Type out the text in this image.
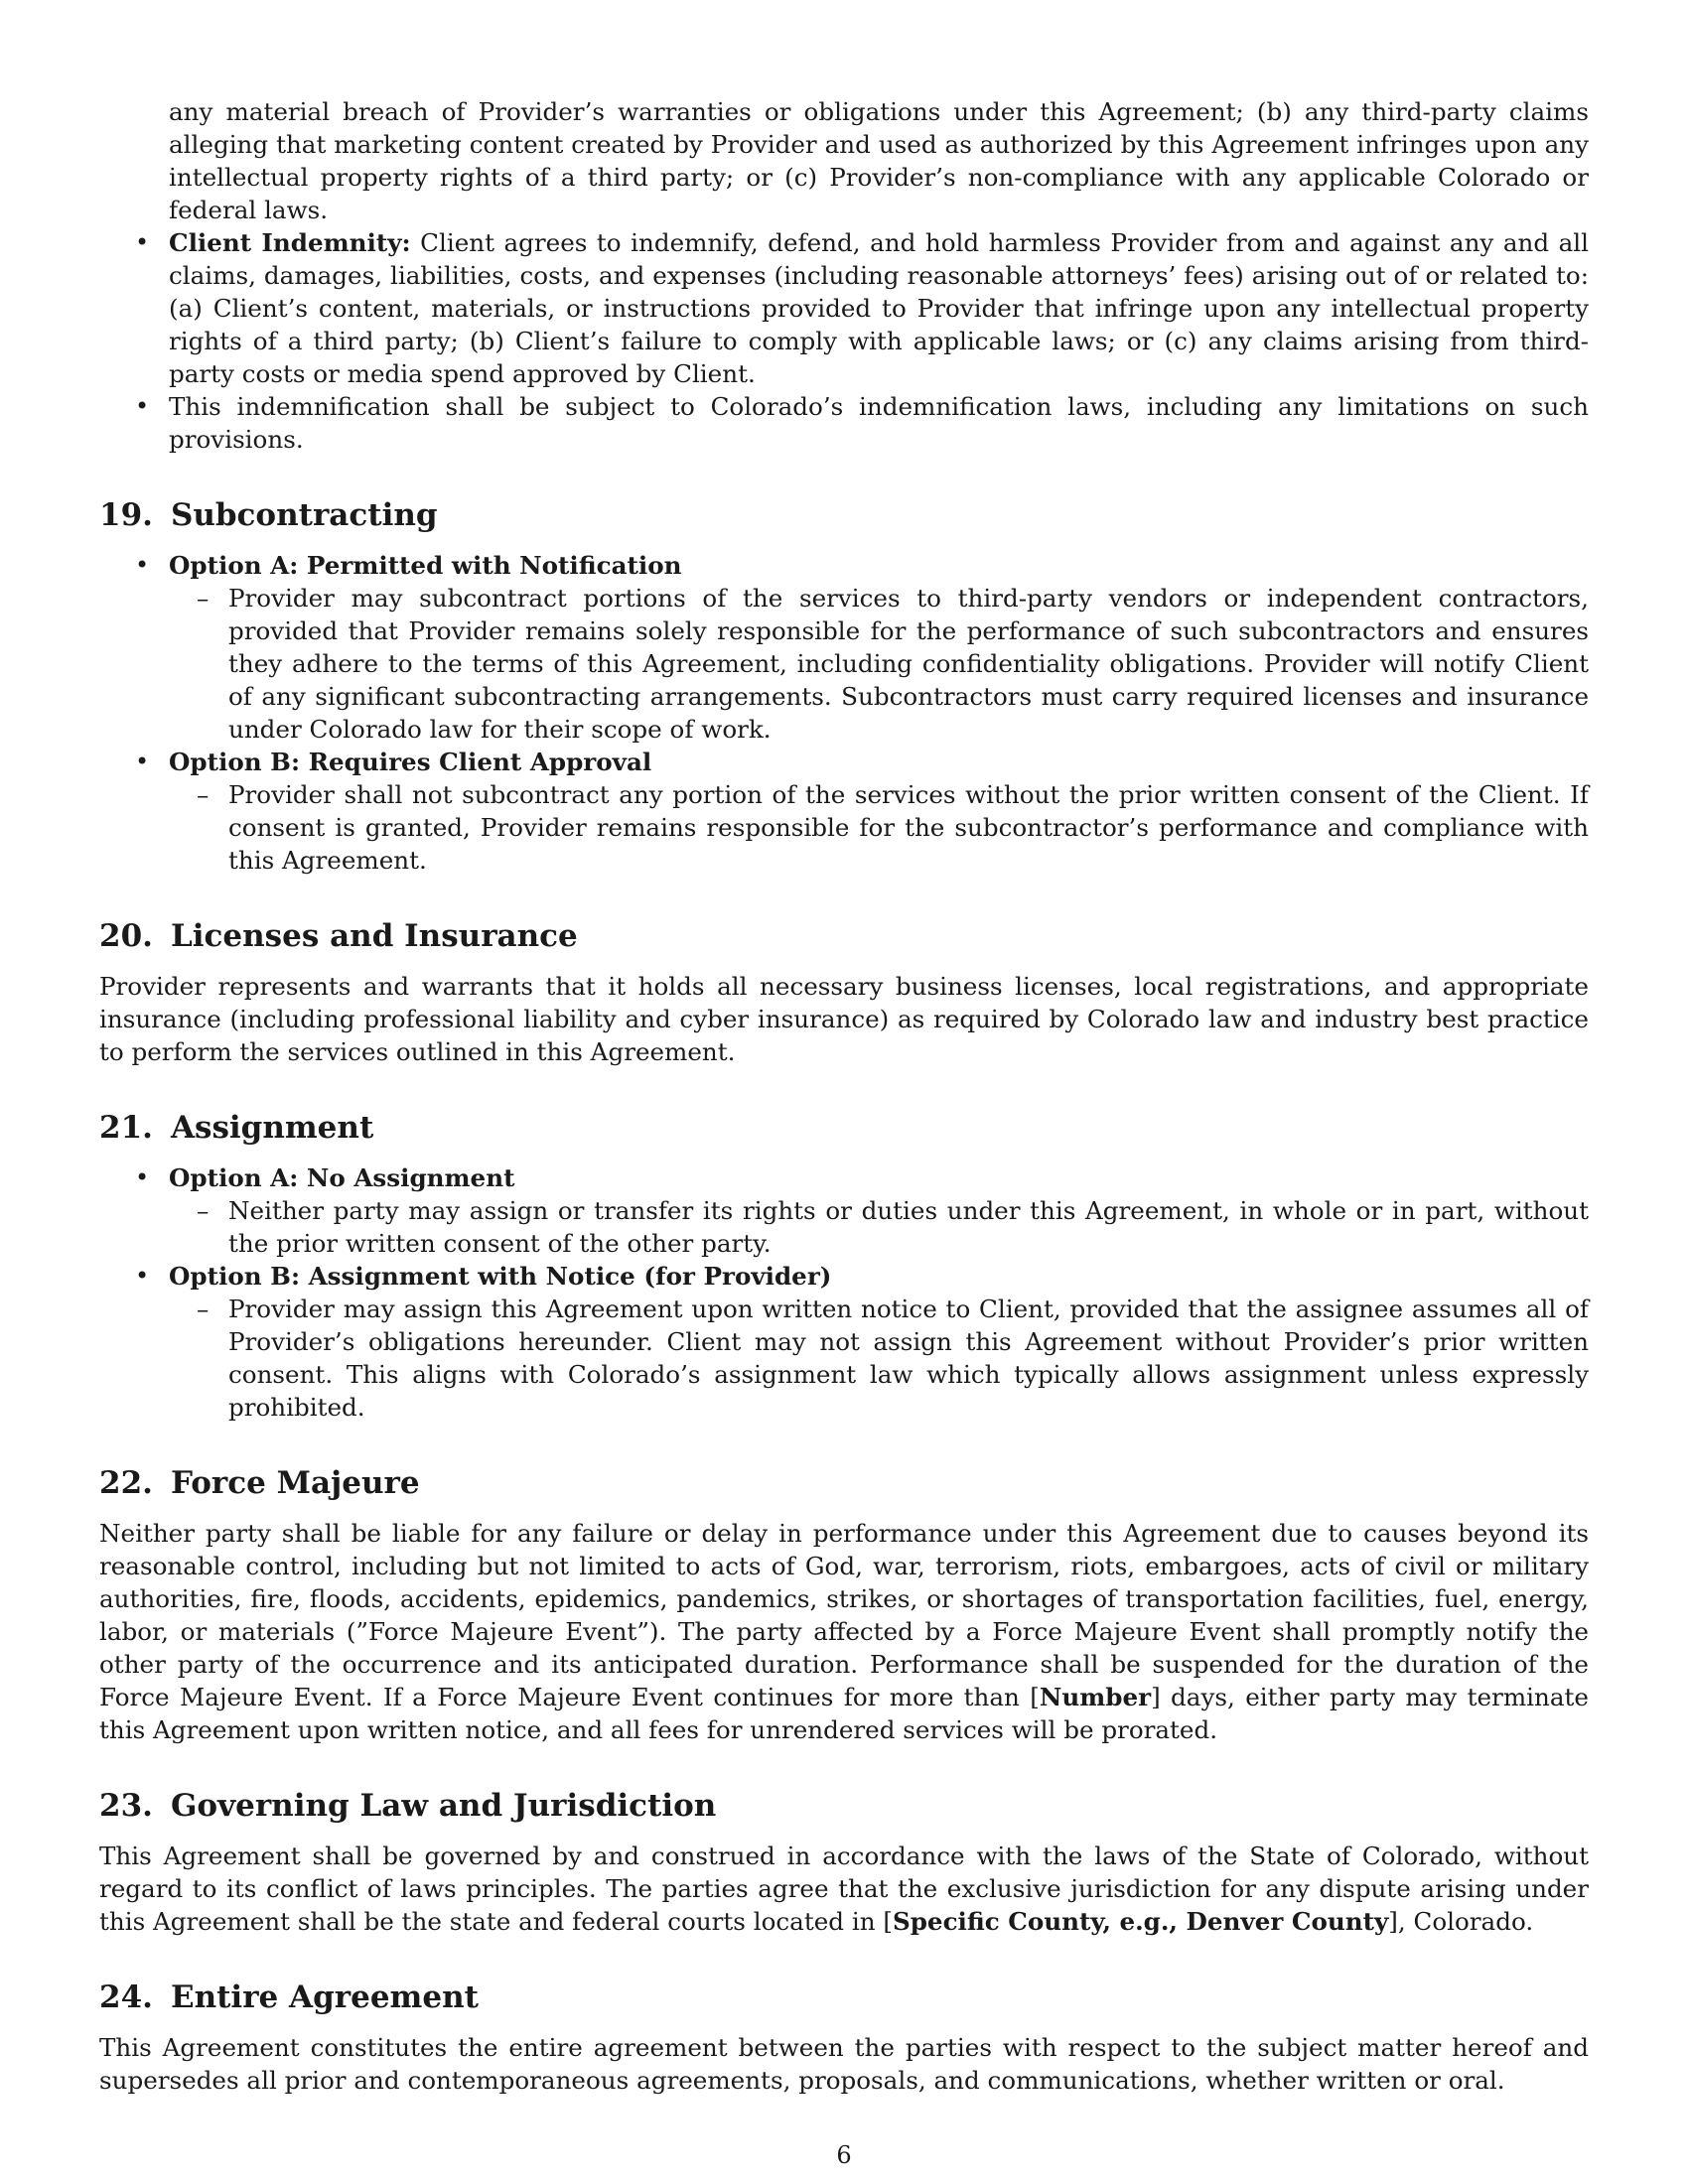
any material breach of Provider’s warranties or obligations under this Agreement; (b) any third-party claims alleging that marketing content created by Provider and used as authorized by this Agreement infringes upon any intellectual property rights of a third party; or (c) Provider’s non-compliance with any applicable Colorado or federal laws.
• Client Indemnity: Client agrees to indemnify, defend, and hold harmless Provider from and against any and all claims, damages, liabilities, costs, and expenses (including reasonable attorneys’ fees) arising out of or related to: (a) Client’s content, materials, or instructions provided to Provider that infringe upon any intellectual property rights of a third party; (b) Client’s failure to comply with applicable laws; or (c) any claims arising from third-party costs or media spend approved by Client.
• This indemnification shall be subject to Colorado’s indemnification laws, including any limitations on such provisions.
19. Subcontracting
• Option A: Permitted with Notification
– Provider may subcontract portions of the services to third-party vendors or independent contractors, provided that Provider remains solely responsible for the performance of such subcontractors and ensures they adhere to the terms of this Agreement, including confidentiality obligations. Provider will notify Client of any significant subcontracting arrangements. Subcontractors must carry required licenses and insurance under Colorado law for their scope of work.
• Option B: Requires Client Approval
– Provider shall not subcontract any portion of the services without the prior written consent of the Client. If consent is granted, Provider remains responsible for the subcontractor’s performance and compliance with this Agreement.
20. Licenses and Insurance

Provider represents and warrants that it holds all necessary business licenses, local registrations, and appropriate insurance (including professional liability and cyber insurance) as required by Colorado law and industry best practice to perform the services outlined in this Agreement.

21. Assignment
• Option A: No Assignment
– Neither party may assign or transfer its rights or duties under this Agreement, in whole or in part, without the prior written consent of the other party.
• Option B: Assignment with Notice (for Provider)
– Provider may assign this Agreement upon written notice to Client, provided that the assignee assumes all of Provider’s obligations hereunder. Client may not assign this Agreement without Provider’s prior written consent. This aligns with Colorado’s assignment law which typically allows assignment unless expressly prohibited.
22. Force Majeure

Neither party shall be liable for any failure or delay in performance under this Agreement due to causes beyond its reasonable control, including but not limited to acts of God, war, terrorism, riots, embargoes, acts of civil or military authorities, fire, floods, accidents, epidemics, pandemics, strikes, or shortages of transportation facilities, fuel, energy, labor, or materials (”Force Majeure Event”). The party affected by a Force Majeure Event shall promptly notify the other party of the occurrence and its anticipated duration. Performance shall be suspended for the duration of the Force Majeure Event. If a Force Majeure Event continues for more than [Number] days, either party may terminate this Agreement upon written notice, and all fees for unrendered services will be prorated.

23. Governing Law and Jurisdiction

This Agreement shall be governed by and construed in accordance with the laws of the State of Colorado, without regard to its conflict of laws principles. The parties agree that the exclusive jurisdiction for any dispute arising under this Agreement shall be the state and federal courts located in [Specific County, e.g., Denver County], Colorado.

24. Entire Agreement

This Agreement constitutes the entire agreement between the parties with respect to the subject matter hereof and supersedes all prior and contemporaneous agreements, proposals, and communications, whether written or oral.

6
